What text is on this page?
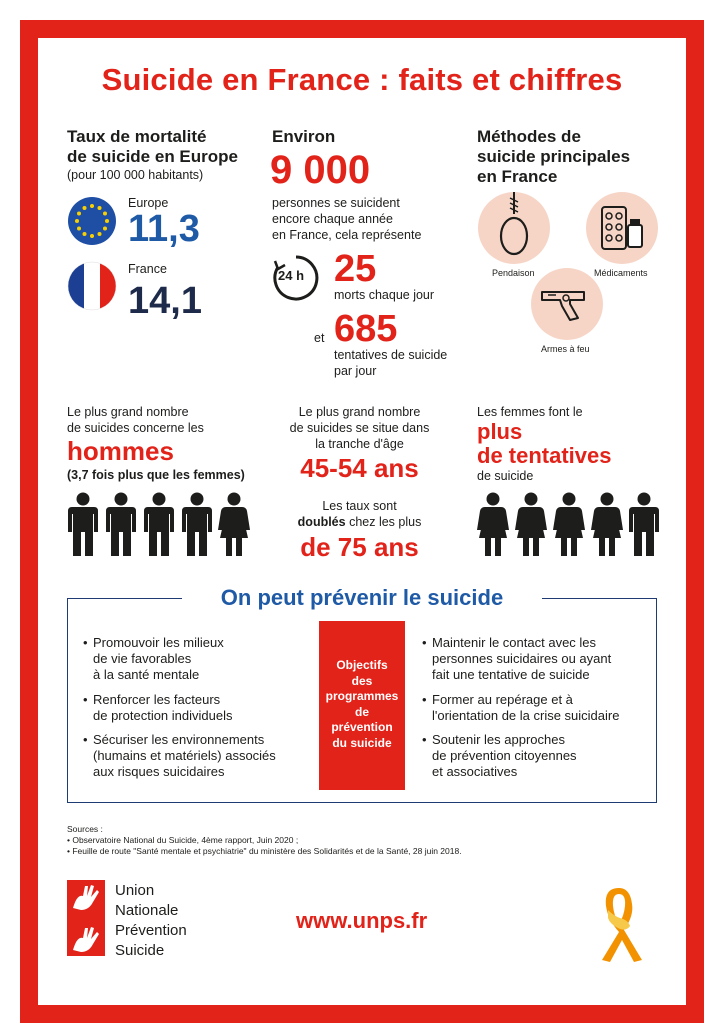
Suicide en France : faits et chiffres
Taux de mortalité
de suicide en Europe
(pour 100 000 habitants)
Europe
11,3
France
14,1
Environ
9 000
personnes se suicident
encore chaque année
en France, cela représente
24 h 25
morts chaque jour
et 685
tentatives de suicide
par jour
Méthodes de
suicide principales
en France
Pendaison	Médicaments
Armes à feu
Le plus grand nombre
de suicides concerne les
hommes
(3,7 fois plus que les femmes)
Le plus grand nombre
de suicides se situe dans
la tranche d'âge
45-54 ans
Les taux sont
doublés chez les plus
de 75 ans
Les femmes font le
plus
de tentatives
de suicide
On peut prévenir le suicide
Objectifs
des
programmes
de
prévention
du suicide
• Promouvoir les milieux
de vie favorables
à la santé mentale
• Renforcer les facteurs
de protection individuels
• Sécuriser les environnements
(humains et matériels) associés
aux risques suicidaires
• Maintenir le contact avec les
personnes suicidaires ou ayant
fait une tentative de suicide
• Former au repérage et à
l'orientation de la crise suicidaire
• Soutenir les approches
de prévention citoyennes
et associatives
Sources :
• Observatoire National du Suicide, 4ème rapport, Juin 2020 ;
• Feuille de route "Santé mentale et psychiatrie" du ministère des Solidarités et de la Santé, 28 juin 2018.
Union
Nationale
Prévention
Suicide
www.unps.fr
